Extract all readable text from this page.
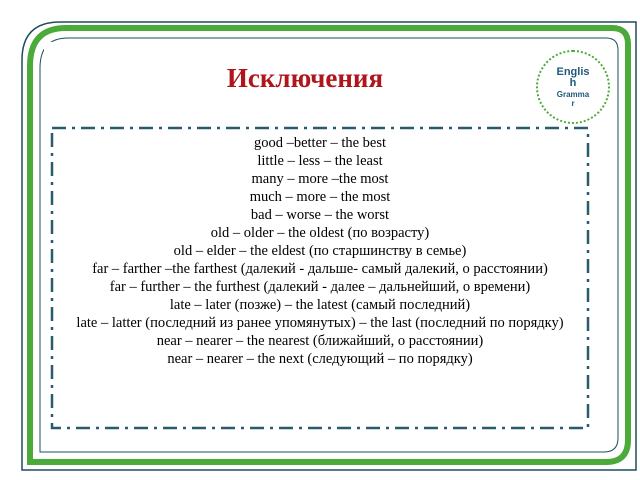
Исключения	English
Grammar
good –better – the best
little – less – the least
many – more –the most
much – more – the most
bad – worse – the worst
old – older – the oldest (по возрасту)
old – elder – the eldest (по старшинству в семье)
far – farther –the farthest (далекий - дальше- самый далекий, о расстоянии)
far – further – the furthest (далекий - далее – дальнейший, о времени)
late – later (позже) – the latest (самый последний)
late – latter (последний из ранее упомянутых) – the last (последний по порядку)
near – nearer – the nearest (ближайший, о расстоянии)
near – nearer – the next (следующий – по порядку)
